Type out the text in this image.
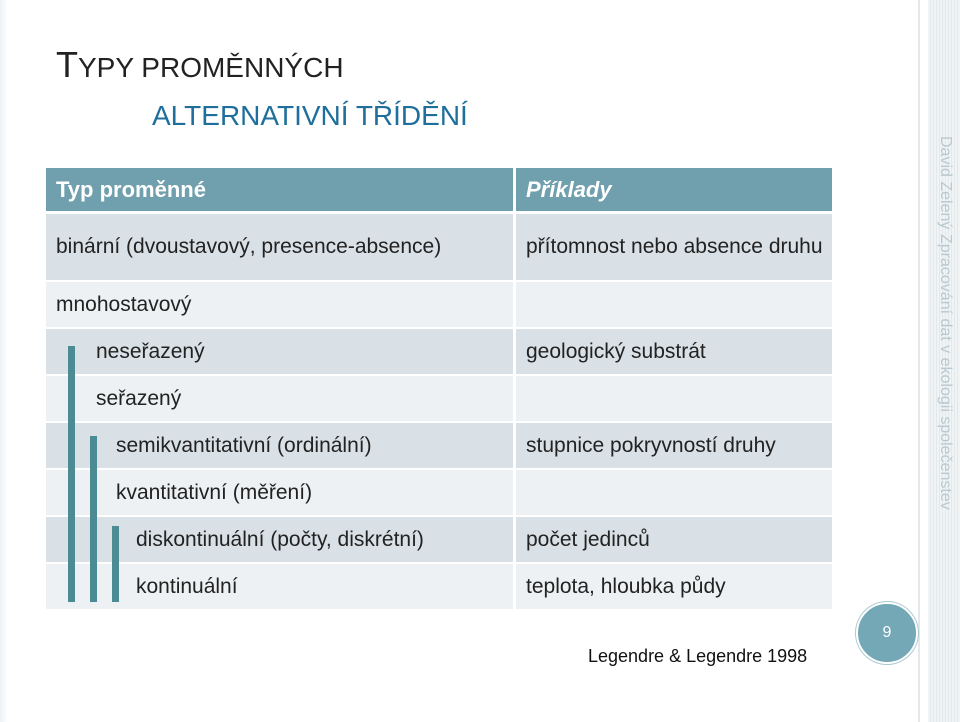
David Zelený Zpracování dat v ekologii společenstev
TYPY PROMĚNNÝCH
ALTERNATIVNÍ TŘÍDĚNÍ
Typ proměnné	Příklady
binární (dvoustavový, presence-absence)	přítomnost nebo absence druhu
mnohostavový	
neseřazený	geologický substrát
seřazený	
semikvantitativní (ordinální)	stupnice pokryvností druhy
kvantitativní (měření)	
diskontinuální (počty, diskrétní)	počet jedinců
kontinuální	teplota, hloubka půdy
Legendre & Legendre 1998
9
